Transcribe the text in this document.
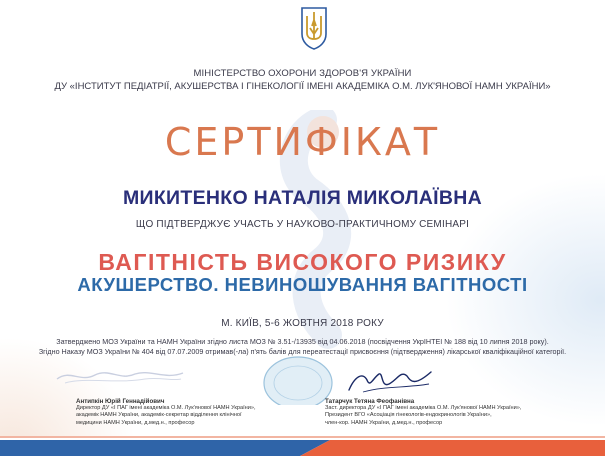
МІНІСТЕРСТВО ОХОРОНИ ЗДОРОВ'Я УКРАЇНИ
ДУ «ІНСТИТУТ ПЕДІАТРІЇ, АКУШЕРСТВА І ГІНЕКОЛОГІЇ ІМЕНІ АКАДЕМІКА О.М. ЛУК'ЯНОВОЇ НАМН УКРАЇНИ»
СЕРТИФІКАТ
МИКИТЕНКО НАТАЛІЯ МИКОЛАЇВНА
ЩО ПІДТВЕРДЖУЄ УЧАСТЬ У НАУКОВО-ПРАКТИЧНОМУ СЕМІНАРІ
ВАГІТНІСТЬ ВИСОКОГО РИЗИКУ
АКУШЕРСТВО. НЕВИНОШУВАННЯ ВАГІТНОСТІ
М. КИЇВ, 5-6 ЖОВТНЯ 2018 РОКУ
Затверджено МОЗ України та НАМН України згідно листа МОЗ № 3.51-/13935 від 04.06.2018 (посвідчення УкрІНТЕІ № 188 від 10 липня 2018 року).
Згідно Наказу МОЗ України № 404 від 07.07.2009 отримав(-ла) п'ять балів для переатестації присвоєння (підтвердження) лікарської кваліфікаційної категорії.
Антипкін Юрій Геннадійович
Директор ДУ «І ПАГ імені академіка О.М. Лук'янової НАМН України»,
академік НАМН України, академік-секретар відділення клінічної
медицини НАМН України, д.мед.н., професор
Татарчук Тетяна Феофанівна
Заст. директора ДУ «І ПАГ імені академіка О.М. Лук'янової НАМН України»,
Президент ВГО «Асоціація гінекологів-ендокринологів України»,
член-кор. НАМН України, д.мед.н., професор
